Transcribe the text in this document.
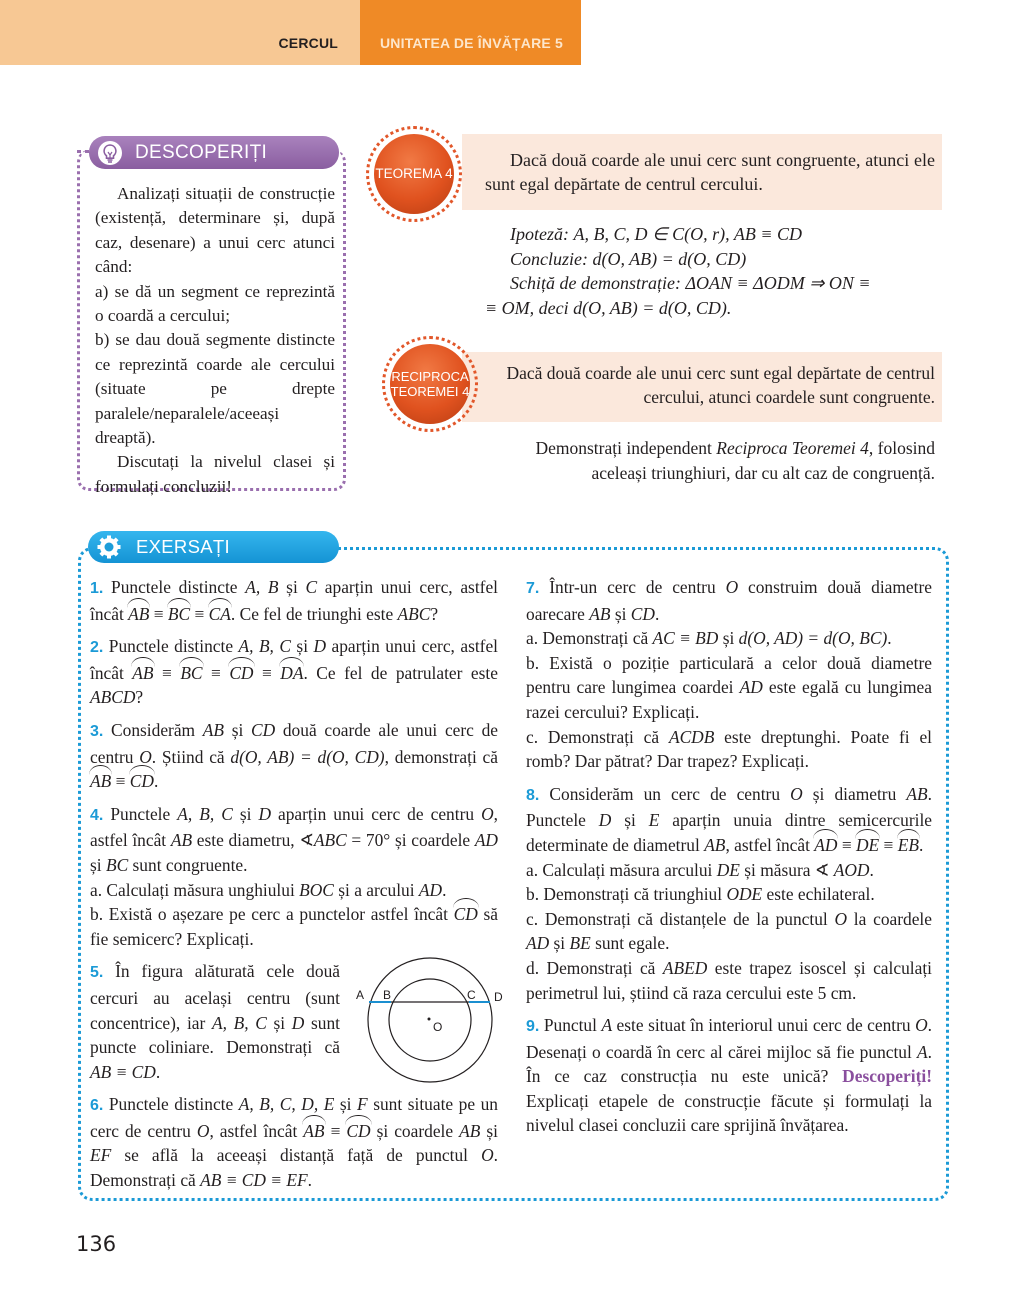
CERCUL	UNITATEA DE ÎNVĂȚARE 5
DESCOPERIȚI

Analizați situații de construcție (existență, determinare și, după caz, desenare) a unui cerc atunci când:

a) se dă un segment ce reprezintă o coardă a cercului;

b) se dau două segmente distincte ce reprezintă coarde ale cercului (situate pe drepte paralele/neparalele/aceeași dreaptă).

Discutați la nivelul clasei și formulați concluzii!

TEOREMA 4
Dacă două coarde ale unui cerc sunt congruente, atunci ele sunt egal depărtate de centrul cercului.

Ipoteză: A, B, C, D ∈ C(O, r), AB ≡ CD

Concluzie: d(O, AB) = d(O, CD)

Schiță de demonstrație: ΔOAN ≡ ΔODM ⇒ ON ≡

≡ OM, deci d(O, AB) = d(O, CD).

RECIPROCA
TEOREMEI 4
Dacă două coarde ale unui cerc sunt egal depărtate de centrul cercului, atunci coardele sunt congruente.
Demonstrați independent Reciproca Teoremei 4, folosind aceleași triunghiuri, dar cu alt caz de congruență.
EXERSAȚI

1. Punctele distincte A, B și C aparțin unui cerc, astfel încât AB ≡ BC ≡ CA. Ce fel de triunghi este ABC?

2. Punctele distincte A, B, C și D aparțin unui cerc, astfel încât AB ≡ BC ≡ CD ≡ DA. Ce fel de patrulater este ABCD?

3. Considerăm AB și CD două coarde ale unui cerc de centru O. Știind că d(O, AB) = d(O, CD), demonstrați că AB ≡ CD.

4. Punctele A, B, C și D aparțin unui cerc de centru O, astfel încât AB este diametru, ∢ABC = 70° și coardele AD și BC sunt congruente.

a. Calculați măsura unghiului BOC și a arcului AD.

b. Există o așezare pe cerc a punctelor astfel încât CD să fie semicerc? Explicați.

5. În figura alăturată cele două cercuri au același centru (sunt concentrice), iar A, B, C și D sunt puncte coliniare. Demonstrați că AB ≡ CD.

6. Punctele distincte A, B, C, D, E și F sunt situate pe un cerc de centru O, astfel încât AB ≡ CD și coardele AB și EF se află la aceeași distanță față de punctul O. Demonstrați că AB ≡ CD ≡ EF.

A B	C D
O

7. Într-un cerc de centru O construim două diametre oarecare AB și CD.

a. Demonstrați că AC ≡ BD și d(O, AD) = d(O, BC).

b. Există o poziție particulară a celor două diametre pentru care lungimea coardei AD este egală cu lungimea razei cercului? Explicați.

c. Demonstrați că ACDB este dreptunghi. Poate fi el romb? Dar pătrat? Dar trapez? Explicați.

8. Considerăm un cerc de centru O și diametru AB. Punctele D și E aparțin unuia dintre semicercurile determinate de diametrul AB, astfel încât AD ≡ DE ≡ EB.

a. Calculați măsura arcului DE și măsura ∢ AOD.

b. Demonstrați că triunghiul ODE este echilateral.

c. Demonstrați că distanțele de la punctul O la coardele AD și BE sunt egale.

d. Demonstrați că ABED este trapez isoscel și calculați perimetrul lui, știind că raza cercului este 5 cm.

9. Punctul A este situat în interiorul unui cerc de centru O. Desenați o coardă în cerc al cărei mijloc să fie punctul A. În ce caz construcția nu este unică? Descoperiți! Explicați etapele de construcție făcute și formulați la nivelul clasei concluzii care sprijină învățarea.

136
